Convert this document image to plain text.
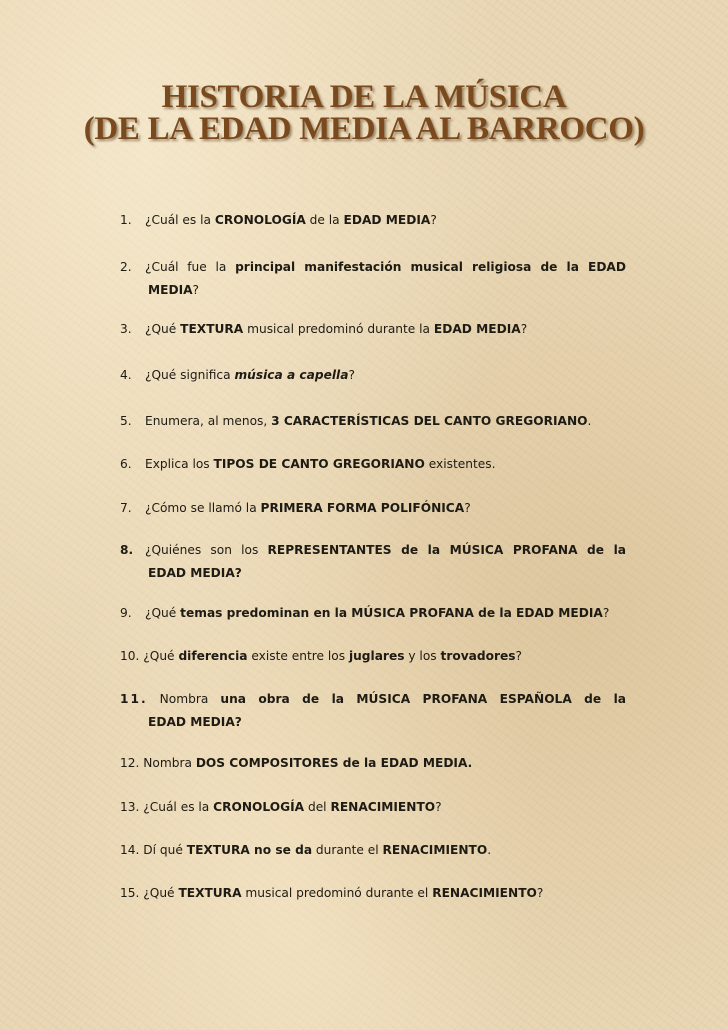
HISTORIA DE LA MÚSICA
(DE LA EDAD MEDIA AL BARROCO)
1. ¿Cuál es la CRONOLOGÍA de la EDAD MEDIA?
2. ¿Cuál fue la principal manifestación musical religiosa de la EDAD
MEDIA?
3. ¿Qué TEXTURA musical predominó durante la EDAD MEDIA?
4. ¿Qué significa música a capella?
5. Enumera, al menos, 3 CARACTERÍSTICAS DEL CANTO GREGORIANO.
6. Explica los TIPOS DE CANTO GREGORIANO existentes.
7. ¿Cómo se llamó la PRIMERA FORMA POLIFÓNICA?
8. ¿Quiénes son los REPRESENTANTES de la MÚSICA PROFANA de la
EDAD MEDIA?
9. ¿Qué temas predominan en la MÚSICA PROFANA de la EDAD MEDIA?
10. ¿Qué diferencia existe entre los juglares y los trovadores?
11. Nombra una obra de la MÚSICA PROFANA ESPAÑOLA de la
EDAD MEDIA?
12. Nombra DOS COMPOSITORES de la EDAD MEDIA.
13. ¿Cuál es la CRONOLOGÍA del RENACIMIENTO?
14. Dí qué TEXTURA no se da durante el RENACIMIENTO.
15. ¿Qué TEXTURA musical predominó durante el RENACIMIENTO?
